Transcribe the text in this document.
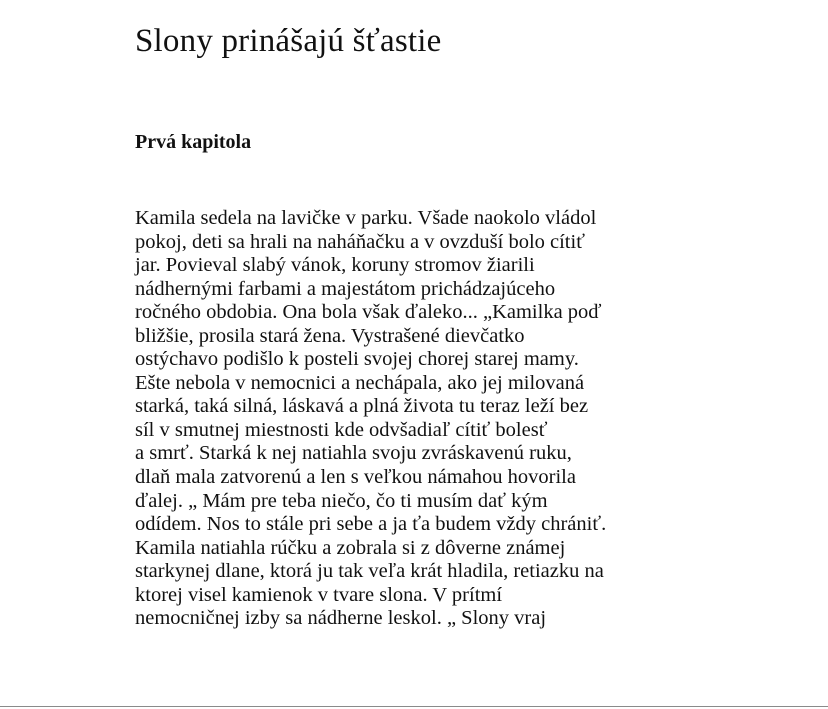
Slony prinášajú šťastie
Prvá kapitola
Kamila sedela na lavičke v parku. Všade naokolo vládol
pokoj, deti sa hrali na naháňačku a v ovzduší bolo cítiť
jar. Povieval slabý vánok, koruny stromov žiarili
nádhernými farbami a majestátom prichádzajúceho
ročného obdobia. Ona bola však ďaleko... „Kamilka poď
bližšie, prosila stará žena. Vystrašené dievčatko
ostýchavo podišlo k posteli svojej chorej starej mamy.
Ešte nebola v nemocnici a nechápala, ako jej milovaná
starká, taká silná, láskavá a plná života tu teraz leží bez
síl v smutnej miestnosti kde odvšadiaľ cítiť bolesť
a smrť. Starká k nej natiahla svoju zvráskavenú ruku,
dlaň mala zatvorenú a len s veľkou námahou hovorila
ďalej. „ Mám pre teba niečo, čo ti musím dať kým
odídem. Nos to stále pri sebe a ja ťa budem vždy chrániť.
Kamila natiahla rúčku a zobrala si z dôverne známej
starkynej dlane, ktorá ju tak veľa krát hladila, retiazku na
ktorej visel kamienok v tvare slona. V prítmí
nemocničnej izby sa nádherne leskol. „ Slony vraj
